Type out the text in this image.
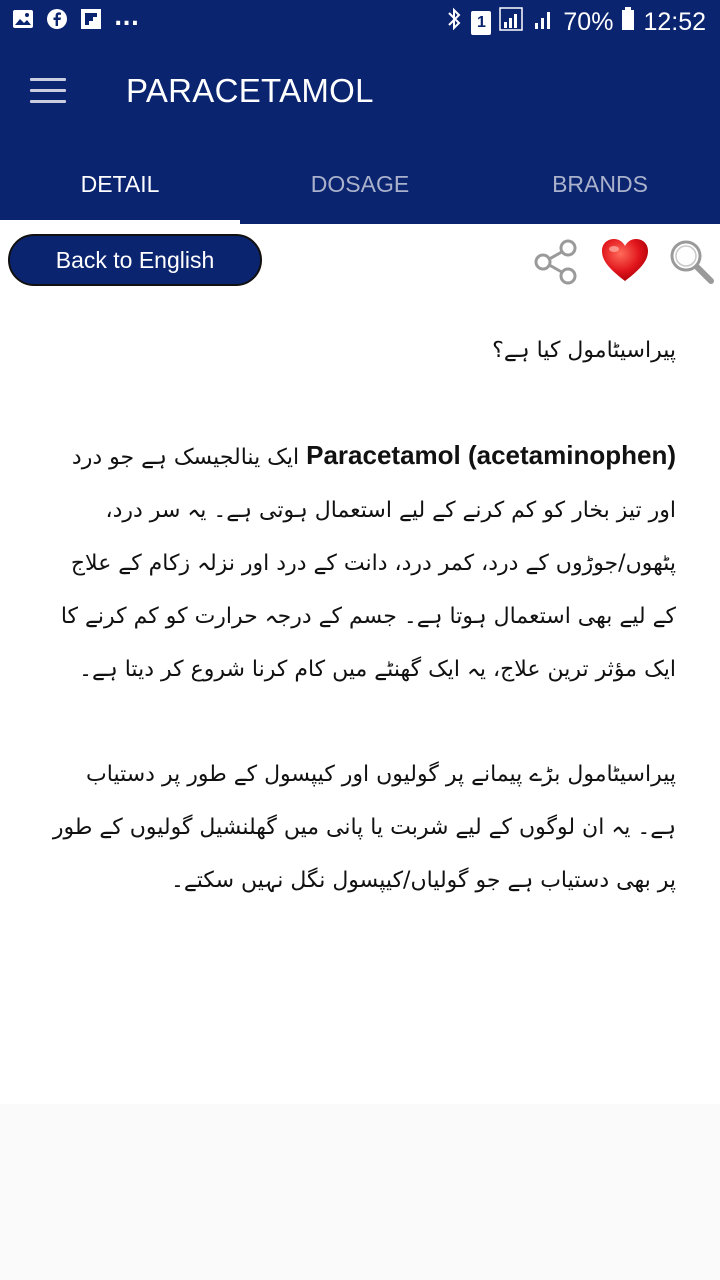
...	1	70% 12:52
PARACETAMOL
DETAIL	DOSAGE	BRANDS
Back to English

پیراسیٹامول کیا ہے؟

Paracetamol (acetaminophen) ایک ینالجیسک ہے جو درد اور تیز بخار کو کم کرنے کے لیے استعمال ہوتی ہے۔ یہ سر درد، پٹھوں/جوڑوں کے درد، کمر درد، دانت کے درد اور نزلہ زکام کے علاج کے لیے بھی استعمال ہوتا ہے۔ جسم کے درجہ حرارت کو کم کرنے کا ایک مؤثر ترین علاج، یہ ایک گھنٹے میں کام کرنا شروع کر دیتا ہے۔

پیراسیٹامول بڑے پیمانے پر گولیوں اور کیپسول کے طور پر دستیاب ہے۔ یہ ان لوگوں کے لیے شربت یا پانی میں گھلنشیل گولیوں کے طور پر بھی دستیاب ہے جو گولیاں/کیپسول نگل نہیں سکتے۔
